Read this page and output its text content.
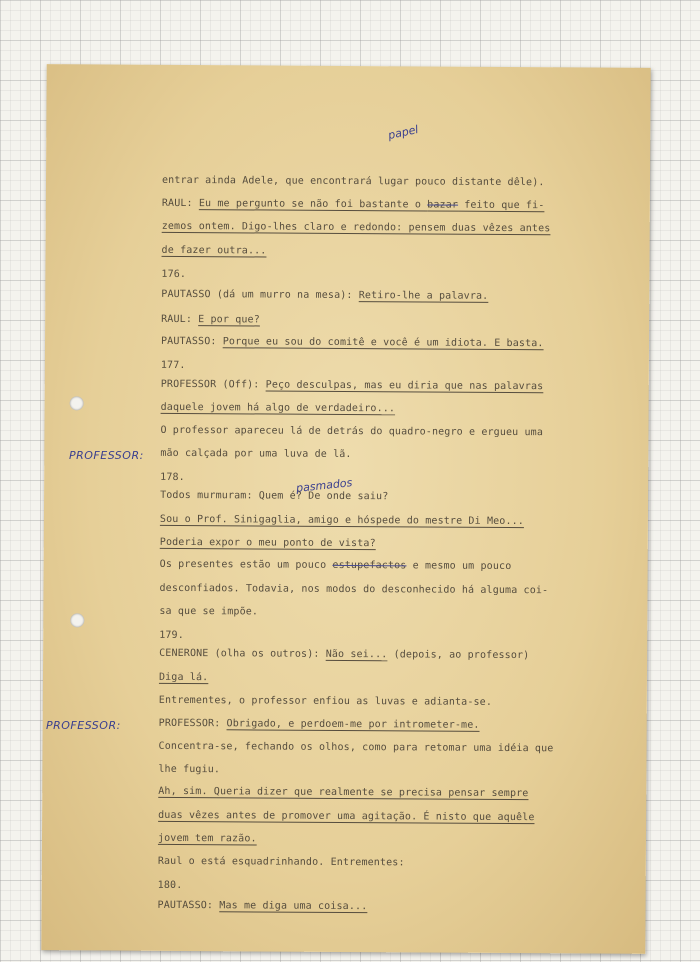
entrar ainda Adele, que encontrará lugar pouco distante dêle).
RAUL: Eu me pergunto se não foi bastante o bazar feito que fi-
zemos ontem. Digo-lhes claro e redondo: pensem duas vêzes antes
de fazer outra...
176.
PAUTASSO (dá um murro na mesa): Retiro-lhe a palavra.
RAUL: E por que?
PAUTASSO: Porque eu sou do comitê e você é um idiota. E basta.
177.
PROFESSOR (Off): Peço desculpas, mas eu diria que nas palavras
daquele jovem há algo de verdadeiro...
O professor apareceu lá de detrás do quadro-negro e ergueu uma
mão calçada por uma luva de lã.
178.
Todos murmuram: Quem é? De onde saiu?
Sou o Prof. Sinigaglia, amigo e hóspede do mestre Di Meo...
Poderia expor o meu ponto de vista?
Os presentes estão um pouco estupefactos e mesmo um pouco
desconfiados. Todavia, nos modos do desconhecido há alguma coi-
sa que se impõe.
179.
CENERONE (olha os outros): Não sei... (depois, ao professor)
Diga lá.
Entrementes, o professor enfiou as luvas e adianta-se.
PROFESSOR: Obrigado, e perdoem-me por intrometer-me.
Concentra-se, fechando os olhos, como para retomar uma idéia que
lhe fugiu.
Ah, sim. Queria dizer que realmente se precisa pensar sempre
duas vêzes antes de promover uma agitação. É nisto que aquêle
jovem tem razão.
Raul o está esquadrinhando. Entrementes:
180.
PAUTASSO: Mas me diga uma coisa...
PROFESSOR:
PROFESSOR:
papel
pasmados
